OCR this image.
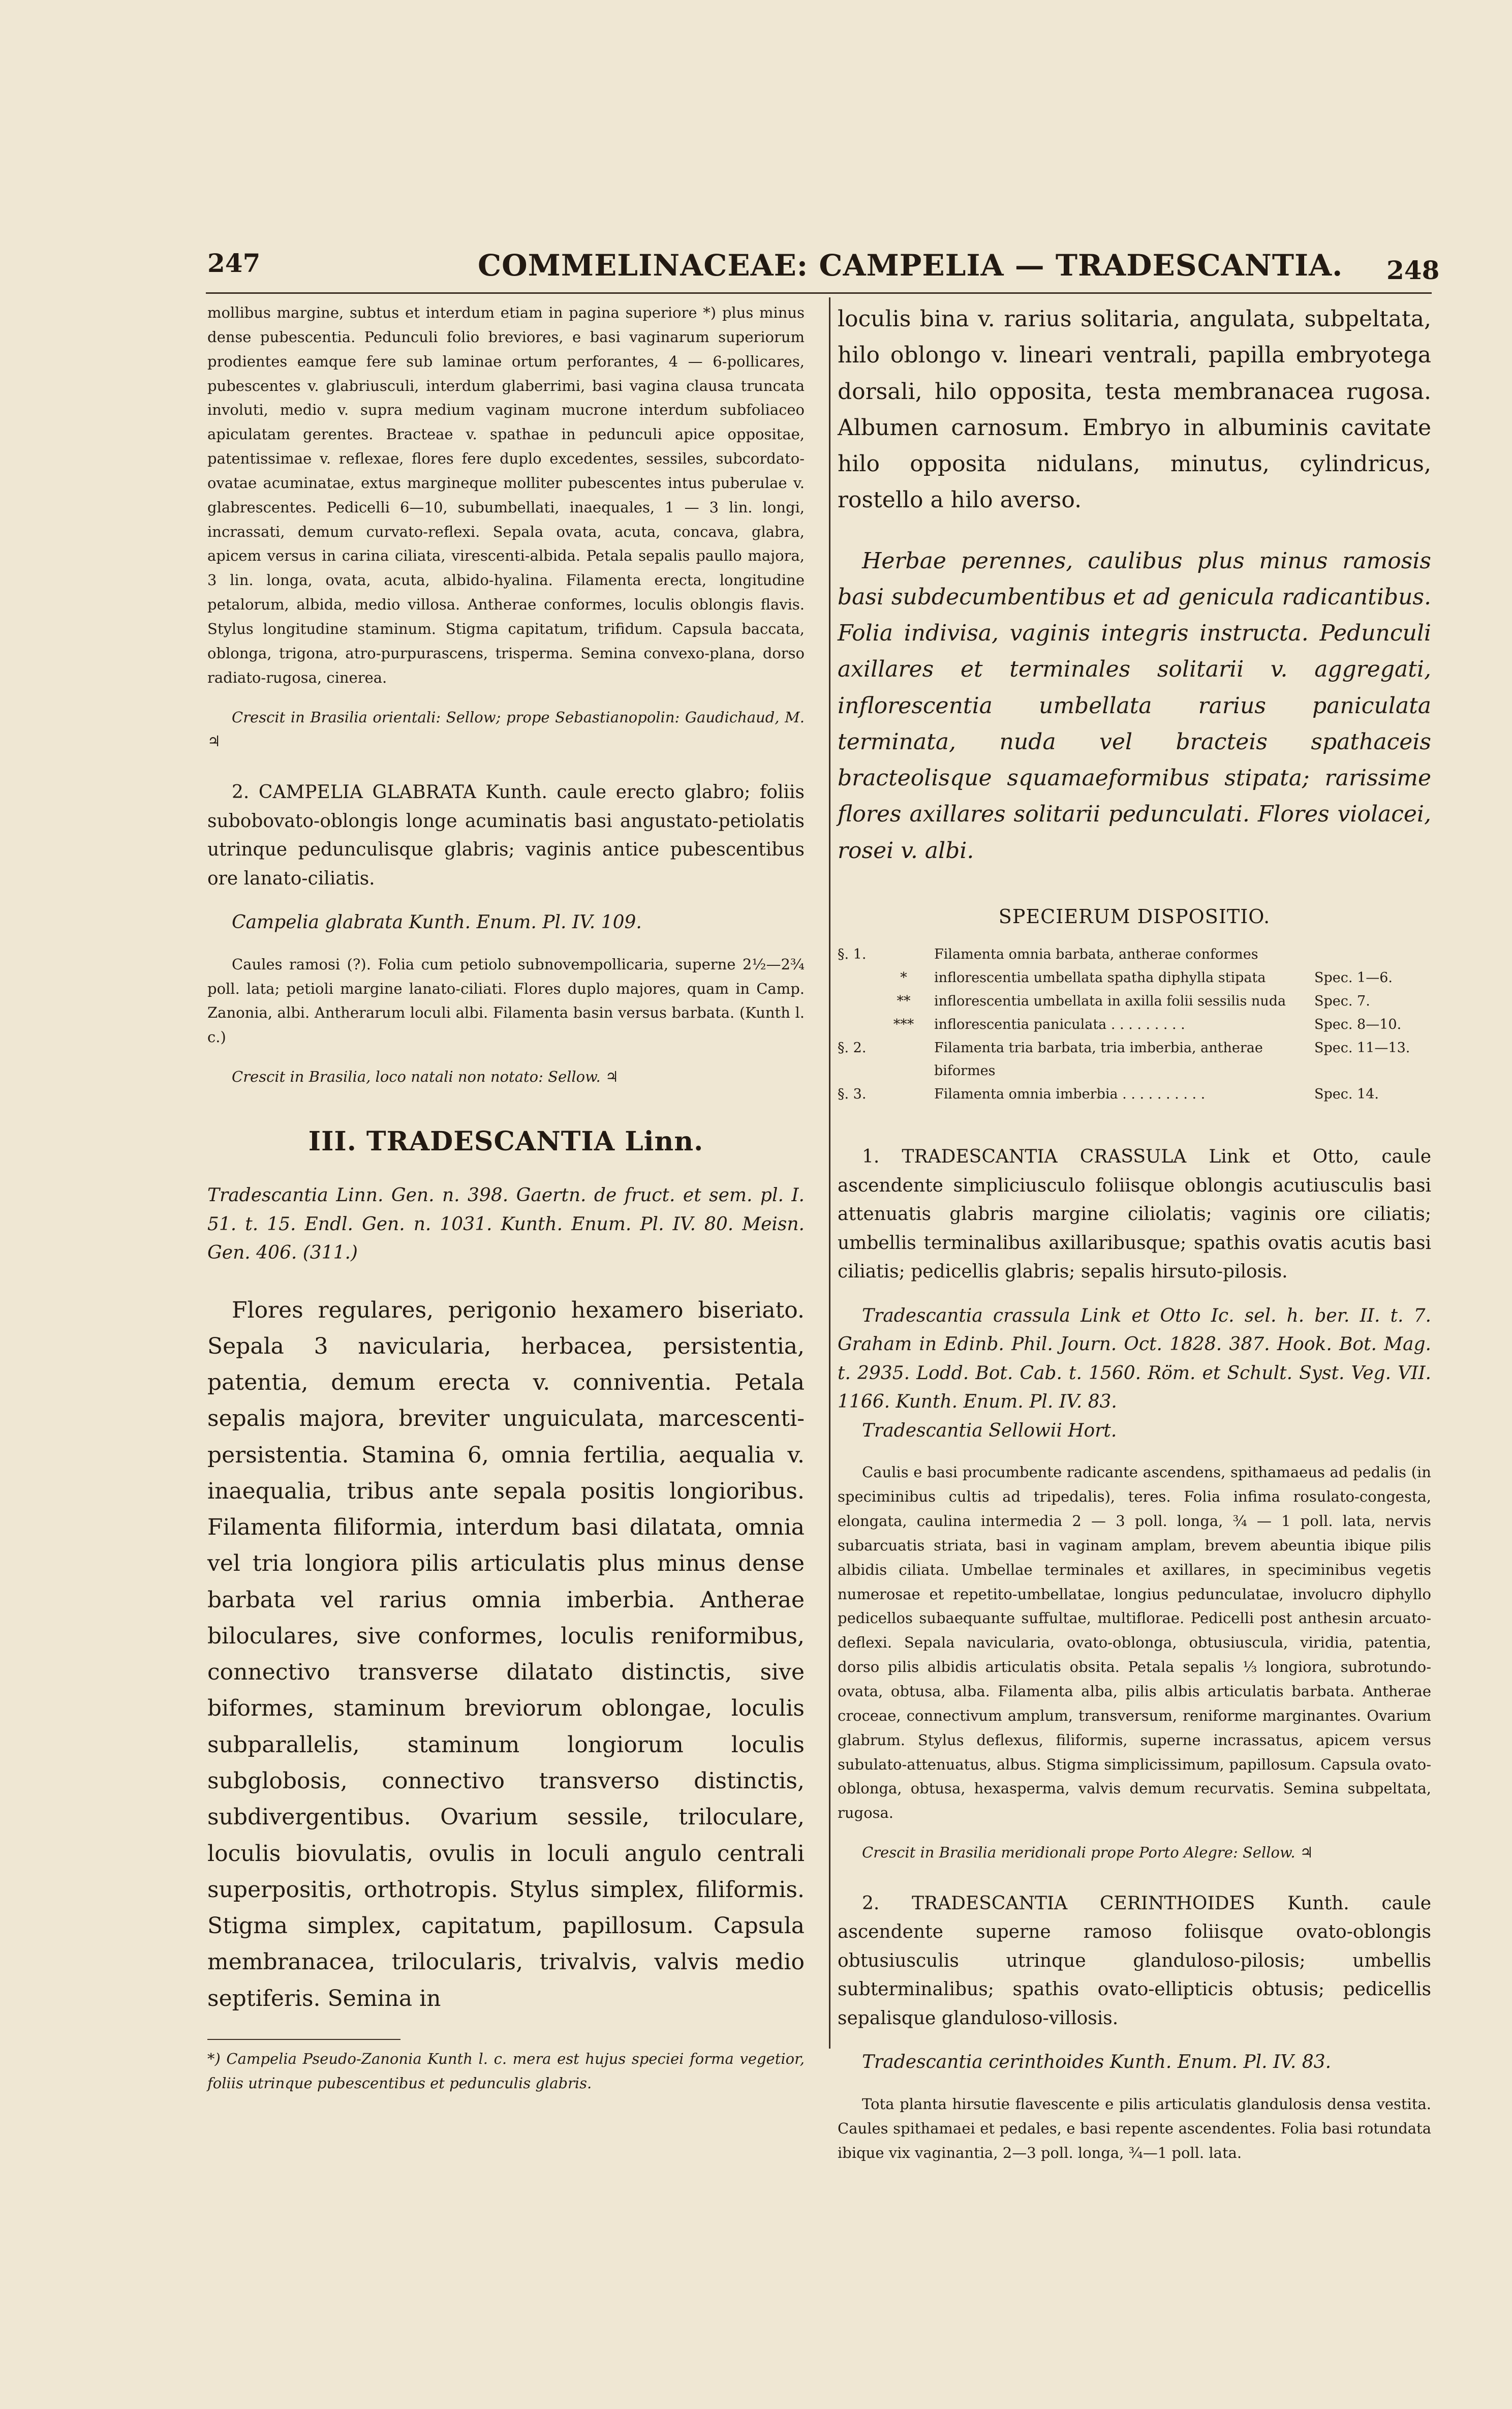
247	COMMELINACEAE: CAMPELIA — TRADESCANTIA. 248

mollibus margine, subtus et interdum etiam in pagina superiore *) plus minus dense pubescentia. Pedunculi folio breviores, e basi vaginarum superiorum prodientes eamque fere sub laminae ortum perforantes, 4 — 6-pollicares, pubescentes v. glabriusculi, interdum glaberrimi, basi vagina clausa truncata involuti, medio v. supra medium vaginam mucrone interdum subfoliaceo apiculatam gerentes. Bracteae v. spathae in pedunculi apice oppositae, patentissimae v. reflexae, flores fere duplo excedentes, sessiles, subcordato-ovatae acuminatae, extus margineque molliter pubescentes intus puberulae v. glabrescentes. Pedicelli 6—10, subumbellati, inaequales, 1 — 3 lin. longi, incrassati, demum curvato-reflexi. Sepala ovata, acuta, concava, glabra, apicem versus in carina ciliata, virescenti-albida. Petala sepalis paullo majora, 3 lin. longa, ovata, acuta, albido-hyalina. Filamenta erecta, longitudine petalorum, albida, medio villosa. Antherae conformes, loculis oblongis flavis. Stylus longitudine staminum. Stigma capitatum, trifidum. Capsula baccata, oblonga, trigona, atro-purpurascens, trisperma. Semina convexo-plana, dorso radiato-rugosa, cinerea.

Crescit in Brasilia orientali: Sellow; prope Sebastianopolin: Gaudichaud, M. ♃

2. CAMPELIA GLABRATA Kunth. caule erecto glabro; foliis subobovato-oblongis longe acuminatis basi angustato-petiolatis utrinque pedunculisque glabris; vaginis antice pubescentibus ore lanato-ciliatis.

Campelia glabrata Kunth. Enum. Pl. IV. 109.

Caules ramosi (?). Folia cum petiolo subnovempollicaria, superne 2½—2¾ poll. lata; petioli margine lanato-ciliati. Flores duplo majores, quam in Camp. Zanonia, albi. Antherarum loculi albi. Filamenta basin versus barbata. (Kunth l. c.)

Crescit in Brasilia, loco natali non notato: Sellow. ♃

III. TRADESCANTIA Linn.

Tradescantia Linn. Gen. n. 398. Gaertn. de fruct. et sem. pl. I. 51. t. 15. Endl. Gen. n. 1031. Kunth. Enum. Pl. IV. 80. Meisn. Gen. 406. (311.)

Flores regulares, perigonio hexamero biseriato. Sepala 3 navicularia, herbacea, persistentia, patentia, demum erecta v. conniventia. Petala sepalis majora, breviter unguiculata, marcescenti-persistentia. Stamina 6, omnia fertilia, aequalia v. inaequalia, tribus ante sepala positis longioribus. Filamenta filiformia, interdum basi dilatata, omnia vel tria longiora pilis articulatis plus minus dense barbata vel rarius omnia imberbia. Antherae biloculares, sive conformes, loculis reniformibus, connectivo transverse dilatato distinctis, sive biformes, staminum breviorum oblongae, loculis subparallelis, staminum longiorum loculis subglobosis, connectivo transverso distinctis, subdivergentibus. Ovarium sessile, triloculare, loculis biovulatis, ovulis in loculi angulo centrali superpositis, orthotropis. Stylus simplex, filiformis. Stigma simplex, capitatum, papillosum. Capsula membranacea, trilocularis, trivalvis, valvis medio septiferis. Semina in

*) Campelia Pseudo-Zanonia Kunth l. c. mera est hujus speciei forma vegetior, foliis utrinque pubescentibus et pedunculis glabris.

loculis bina v. rarius solitaria, angulata, subpeltata, hilo oblongo v. lineari ventrali, papilla embryotega dorsali, hilo opposita, testa membranacea rugosa. Albumen carnosum. Embryo in albuminis cavitate hilo opposita nidulans, minutus, cylindricus, rostello a hilo averso.

Herbae perennes, caulibus plus minus ramosis basi subdecumbentibus et ad genicula radicantibus. Folia indivisa, vaginis integris instructa. Pedunculi axillares et terminales solitarii v. aggregati, inflorescentia umbellata rarius paniculata terminata, nuda vel bracteis spathaceis bracteolisque squamaeformibus stipata; rarissime flores axillares solitarii pedunculati. Flores violacei, rosei v. albi.

SPECIERUM DISPOSITIO.
§. 1.		Filamenta omnia barbata, antherae conformes	
	*	inflorescentia umbellata spatha diphylla stipata	Spec. 1—6.
	**	inflorescentia umbellata in axilla folii sessilis nuda	Spec. 7.
	***	inflorescentia paniculata . . . . . . . . .	Spec. 8—10.
§. 2.		Filamenta tria barbata, tria imberbia, antherae biformes	Spec. 11—13.
§. 3.		Filamenta omnia imberbia . . . . . . . . . .	Spec. 14.

1. TRADESCANTIA CRASSULA Link et Otto, caule ascendente simpliciusculo foliisque oblongis acutiusculis basi attenuatis glabris margine ciliolatis; vaginis ore ciliatis; umbellis terminalibus axillaribusque; spathis ovatis acutis basi ciliatis; pedicellis glabris; sepalis hirsuto-pilosis.

Tradescantia crassula Link et Otto Ic. sel. h. ber. II. t. 7. Graham in Edinb. Phil. Journ. Oct. 1828. 387. Hook. Bot. Mag. t. 2935. Lodd. Bot. Cab. t. 1560. Röm. et Schult. Syst. Veg. VII. 1166. Kunth. Enum. Pl. IV. 83.

Tradescantia Sellowii Hort.

Caulis e basi procumbente radicante ascendens, spithamaeus ad pedalis (in speciminibus cultis ad tripedalis), teres. Folia infima rosulato-congesta, elongata, caulina intermedia 2 — 3 poll. longa, ¾ — 1 poll. lata, nervis subarcuatis striata, basi in vaginam amplam, brevem abeuntia ibique pilis albidis ciliata. Umbellae terminales et axillares, in speciminibus vegetis numerosae et repetito-umbellatae, longius pedunculatae, involucro diphyllo pedicellos subaequante suffultae, multiflorae. Pedicelli post anthesin arcuato-deflexi. Sepala navicularia, ovato-oblonga, obtusiuscula, viridia, patentia, dorso pilis albidis articulatis obsita. Petala sepalis ⅓ longiora, subrotundo-ovata, obtusa, alba. Filamenta alba, pilis albis articulatis barbata. Antherae croceae, connectivum amplum, transversum, reniforme marginantes. Ovarium glabrum. Stylus deflexus, filiformis, superne incrassatus, apicem versus subulato-attenuatus, albus. Stigma simplicissimum, papillosum. Capsula ovato-oblonga, obtusa, hexasperma, valvis demum recurvatis. Semina subpeltata, rugosa.

Crescit in Brasilia meridionali prope Porto Alegre: Sellow. ♃

2. TRADESCANTIA CERINTHOIDES Kunth. caule ascendente superne ramoso foliisque ovato-oblongis obtusiusculis utrinque glanduloso-pilosis; umbellis subterminalibus; spathis ovato-ellipticis obtusis; pedicellis sepalisque glanduloso-villosis.

Tradescantia cerinthoides Kunth. Enum. Pl. IV. 83.

Tota planta hirsutie flavescente e pilis articulatis glandulosis densa vestita. Caules spithamaei et pedales, e basi repente ascendentes. Folia basi rotundata ibique vix vaginantia, 2—3 poll. longa, ¾—1 poll. lata.
